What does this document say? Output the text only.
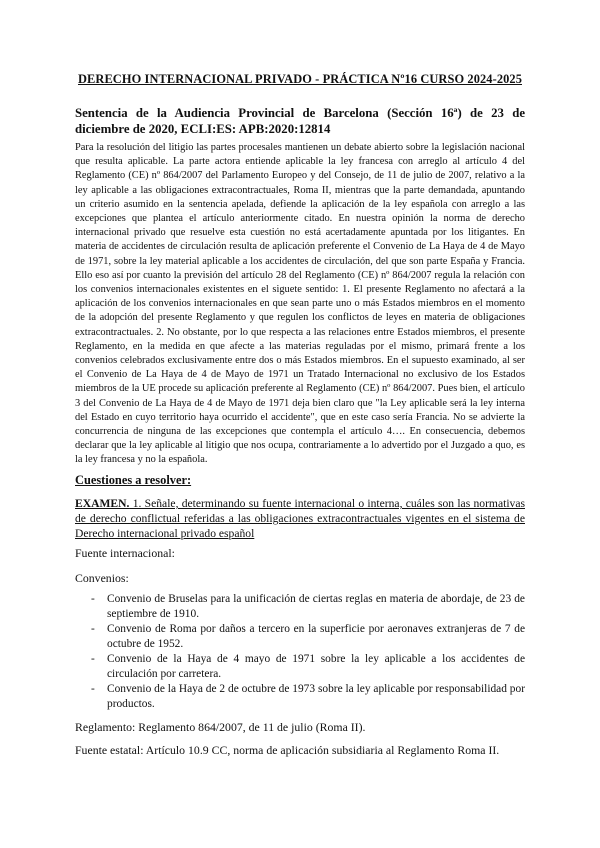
DERECHO INTERNACIONAL PRIVADO - PRÁCTICA Nº16 CURSO 2024-2025
Sentencia de la Audiencia Provincial de Barcelona (Sección 16ª) de 23 de diciembre de 2020, ECLI:ES: APB:2020:12814

Para la resolución del litigio las partes procesales mantienen un debate abierto sobre la legislación nacional que resulta aplicable. La parte actora entiende aplicable la ley francesa con arreglo al artículo 4 del Reglamento (CE) nº 864/2007 del Parlamento Europeo y del Consejo, de 11 de julio de 2007, relativo a la ley aplicable a las obligaciones extracontractuales, Roma II, mientras que la parte demandada, apuntando un criterio asumido en la sentencia apelada, defiende la aplicación de la ley española con arreglo a las excepciones que plantea el artículo anteriormente citado. En nuestra opinión la norma de derecho internacional privado que resuelve esta cuestión no está acertadamente apuntada por los litigantes. En materia de accidentes de circulación resulta de aplicación preferente el Convenio de La Haya de 4 de Mayo de 1971, sobre la ley material aplicable a los accidentes de circulación, del que son parte España y Francia. Ello eso así por cuanto la previsión del artículo 28 del Reglamento (CE) nº 864/2007 regula la relación con los convenios internacionales existentes en el siguete sentido: 1. El presente Reglamento no afectará a la aplicación de los convenios internacionales en que sean parte uno o más Estados miembros en el momento de la adopción del presente Reglamento y que regulen los conflictos de leyes en materia de obligaciones extracontractuales. 2. No obstante, por lo que respecta a las relaciones entre Estados miembros, el presente Reglamento, en la medida en que afecte a las materias reguladas por el mismo, primará frente a los convenios celebrados exclusivamente entre dos o más Estados miembros. En el supuesto examinado, al ser el Convenio de La Haya de 4 de Mayo de 1971 un Tratado Internacional no exclusivo de los Estados miembros de la UE procede su aplicación preferente al Reglamento (CE) nº 864/2007. Pues bien, el artículo 3 del Convenio de La Haya de 4 de Mayo de 1971 deja bien claro que "la Ley aplicable será la ley interna del Estado en cuyo territorio haya ocurrido el accidente", que en este caso sería Francia. No se advierte la concurrencia de ninguna de las excepciones que contempla el artículo 4…. En consecuencia, debemos declarar que la ley aplicable al litigio que nos ocupa, contrariamente a lo advertido por el Juzgado a quo, es la ley francesa y no la española.

Cuestiones a resolver:

EXAMEN. 1. Señale, determinando su fuente internacional o interna, cuáles son las normativas de derecho conflictual referidas a las obligaciones extracontractuales vigentes en el sistema de Derecho internacional privado español

Fuente internacional:

Convenios:

- Convenio de Bruselas para la unificación de ciertas reglas en materia de abordaje, de 23 de septiembre de 1910.
- Convenio de Roma por daños a tercero en la superficie por aeronaves extranjeras de 7 de octubre de 1952.
- Convenio de la Haya de 4 mayo de 1971 sobre la ley aplicable a los accidentes de circulación por carretera.
- Convenio de la Haya de 2 de octubre de 1973 sobre la ley aplicable por responsabilidad por productos.

Reglamento: Reglamento 864/2007, de 11 de julio (Roma II).

Fuente estatal: Artículo 10.9 CC, norma de aplicación subsidiaria al Reglamento Roma II.
